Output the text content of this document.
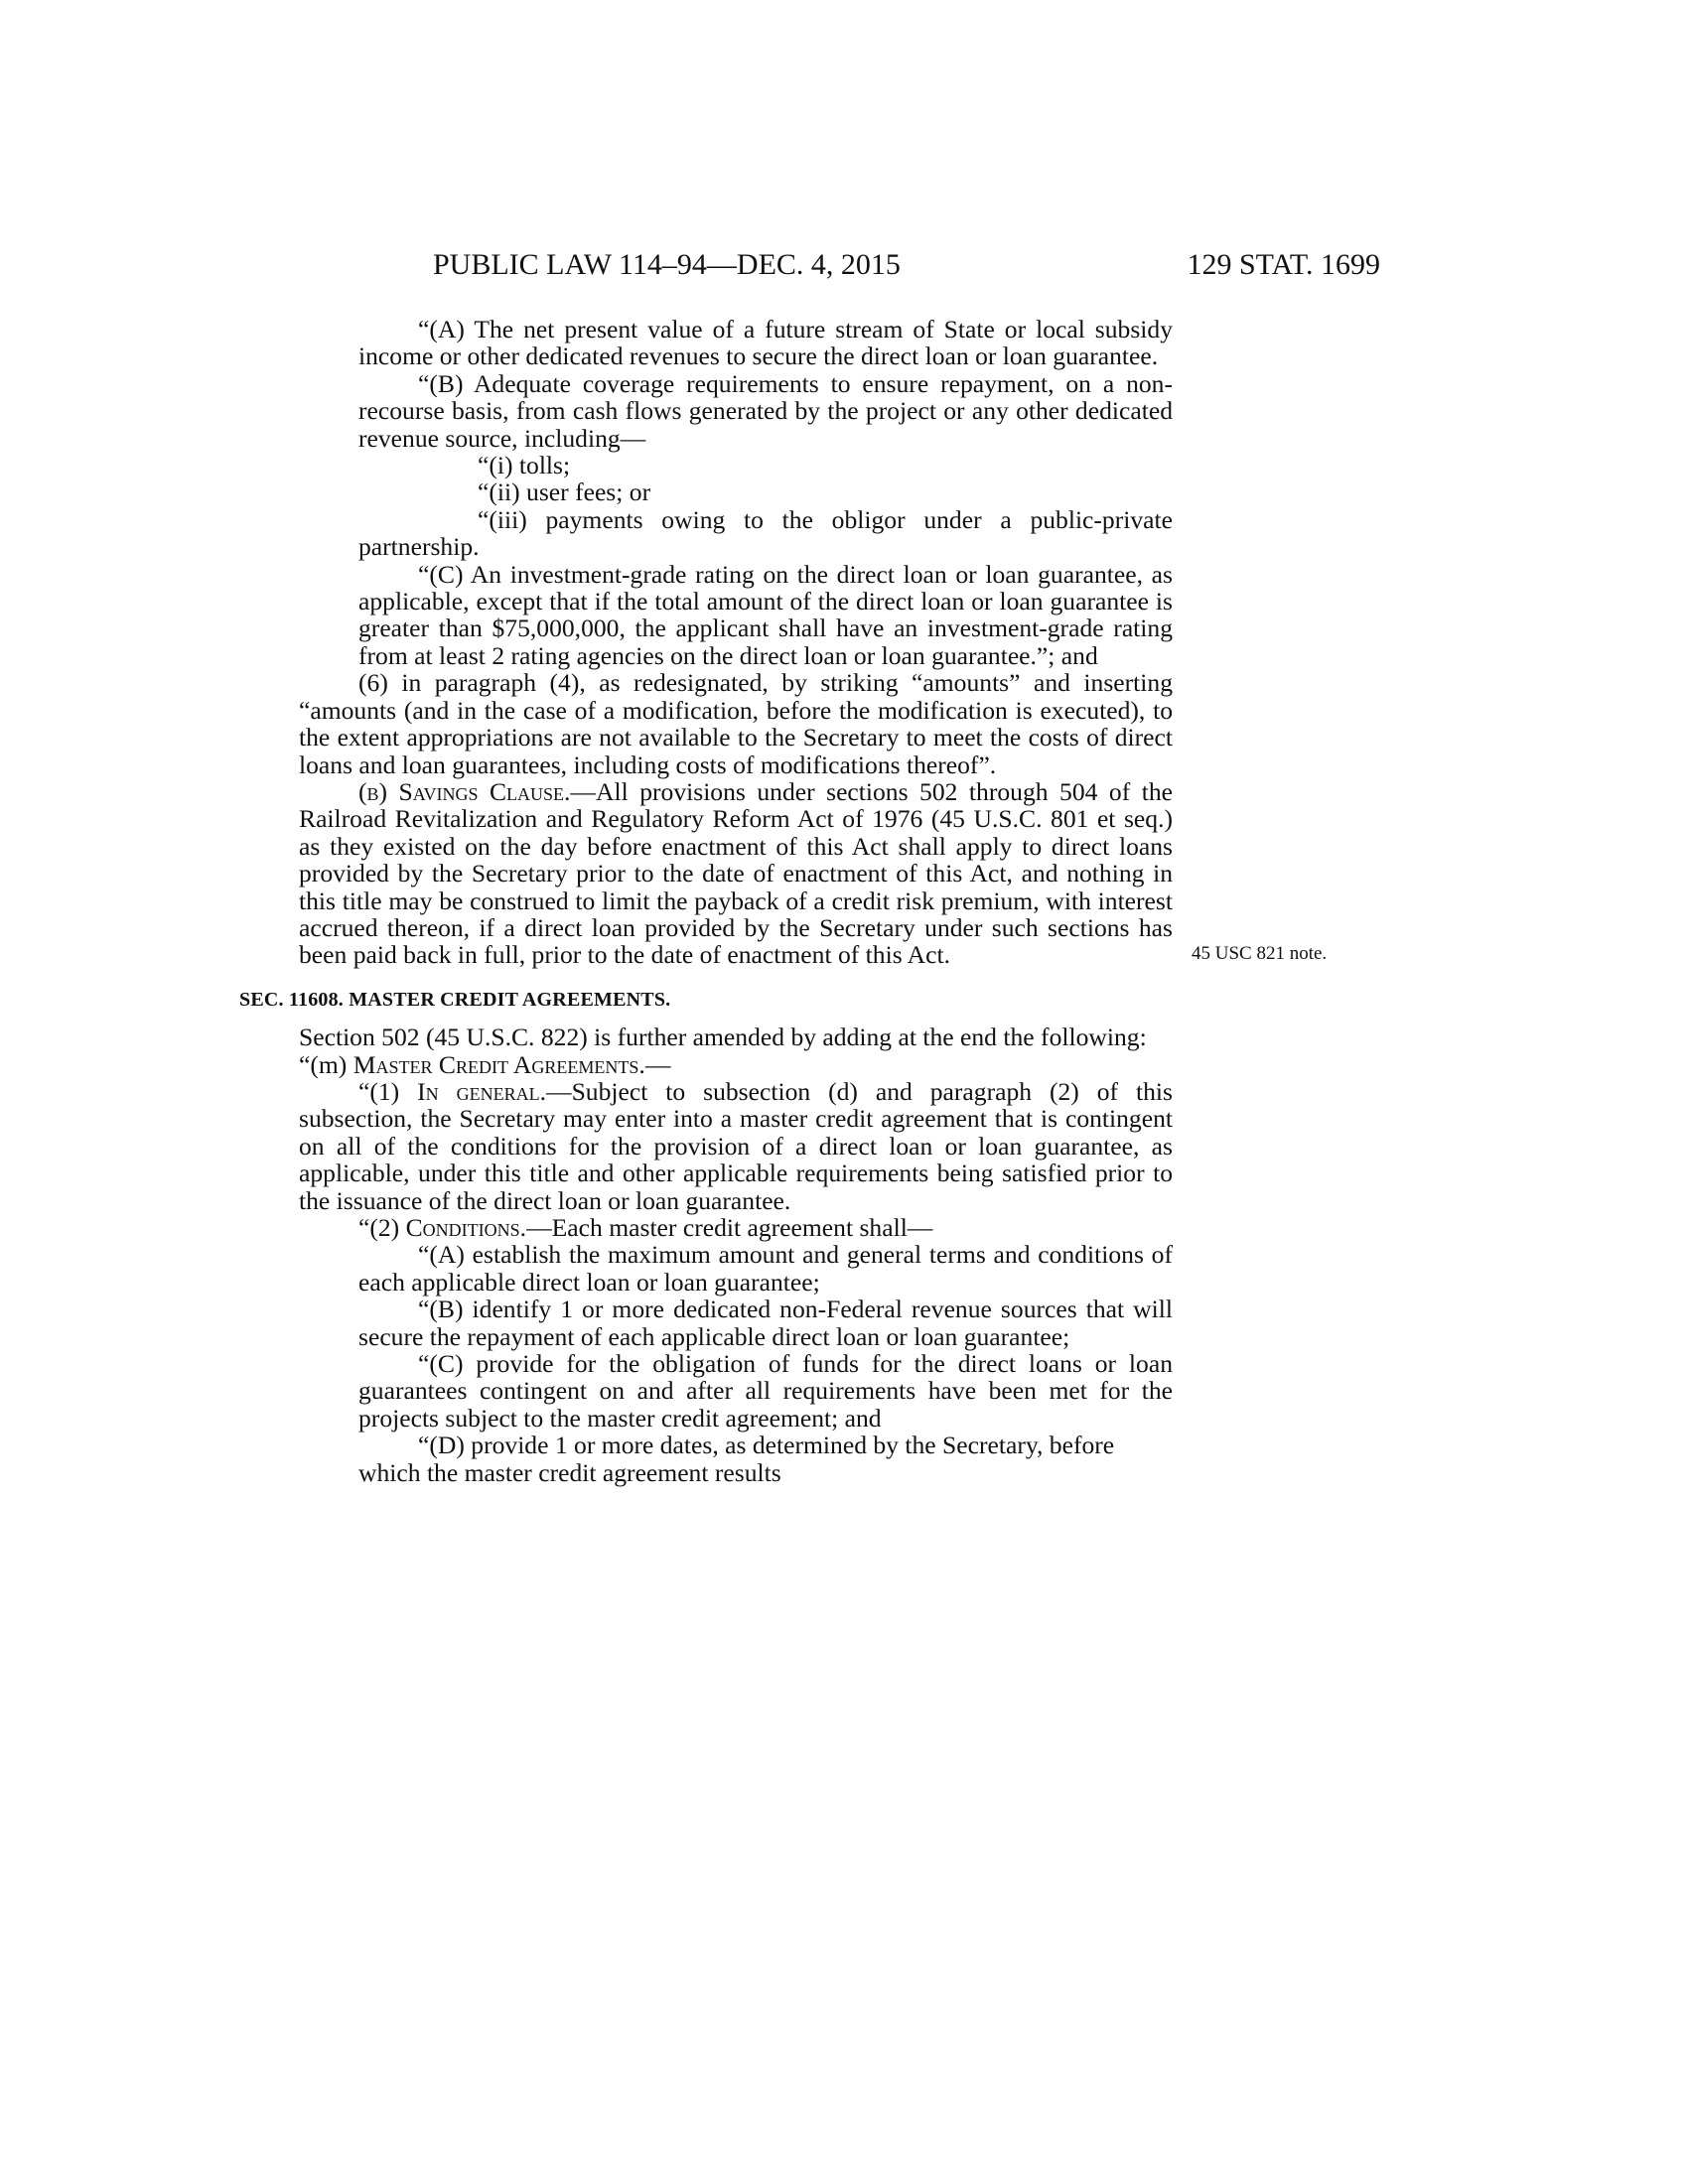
PUBLIC LAW 114–94—DEC. 4, 2015	129 STAT. 1699
45 USC 821 note.

“(A) The net present value of a future stream of State or local subsidy income or other dedicated revenues to secure the direct loan or loan guarantee.

“(B) Adequate coverage requirements to ensure repayment, on a non-recourse basis, from cash flows generated by the project or any other dedicated revenue source, including—

“(i) tolls;

“(ii) user fees; or

“(iii) payments owing to the obligor under a public-private partnership.

“(C) An investment-grade rating on the direct loan or loan guarantee, as applicable, except that if the total amount of the direct loan or loan guarantee is greater than $75,000,000, the applicant shall have an investment-grade rating from at least 2 rating agencies on the direct loan or loan guarantee.”; and

(6) in paragraph (4), as redesignated, by striking “amounts” and inserting “amounts (and in the case of a modification, before the modification is executed), to the extent appropriations are not available to the Secretary to meet the costs of direct loans and loan guarantees, including costs of modifications thereof”.

(b) Savings Clause.—All provisions under sections 502 through 504 of the Railroad Revitalization and Regulatory Reform Act of 1976 (45 U.S.C. 801 et seq.) as they existed on the day before enactment of this Act shall apply to direct loans provided by the Secretary prior to the date of enactment of this Act, and nothing in this title may be construed to limit the payback of a credit risk premium, with interest accrued thereon, if a direct loan provided by the Secretary under such sections has been paid back in full, prior to the date of enactment of this Act.

SEC. 11608. MASTER CREDIT AGREEMENTS.

Section 502 (45 U.S.C. 822) is further amended by adding at the end the following:

“(m) Master Credit Agreements.—

“(1) In general.—Subject to subsection (d) and paragraph (2) of this subsection, the Secretary may enter into a master credit agreement that is contingent on all of the conditions for the provision of a direct loan or loan guarantee, as applicable, under this title and other applicable requirements being satisfied prior to the issuance of the direct loan or loan guarantee.

“(2) Conditions.—Each master credit agreement shall—

“(A) establish the maximum amount and general terms and conditions of each applicable direct loan or loan guarantee;

“(B) identify 1 or more dedicated non-Federal revenue sources that will secure the repayment of each applicable direct loan or loan guarantee;

“(C) provide for the obligation of funds for the direct loans or loan guarantees contingent on and after all requirements have been met for the projects subject to the master credit agreement; and

“(D) provide 1 or more dates, as determined by the Secretary, before which the master credit agreement results
